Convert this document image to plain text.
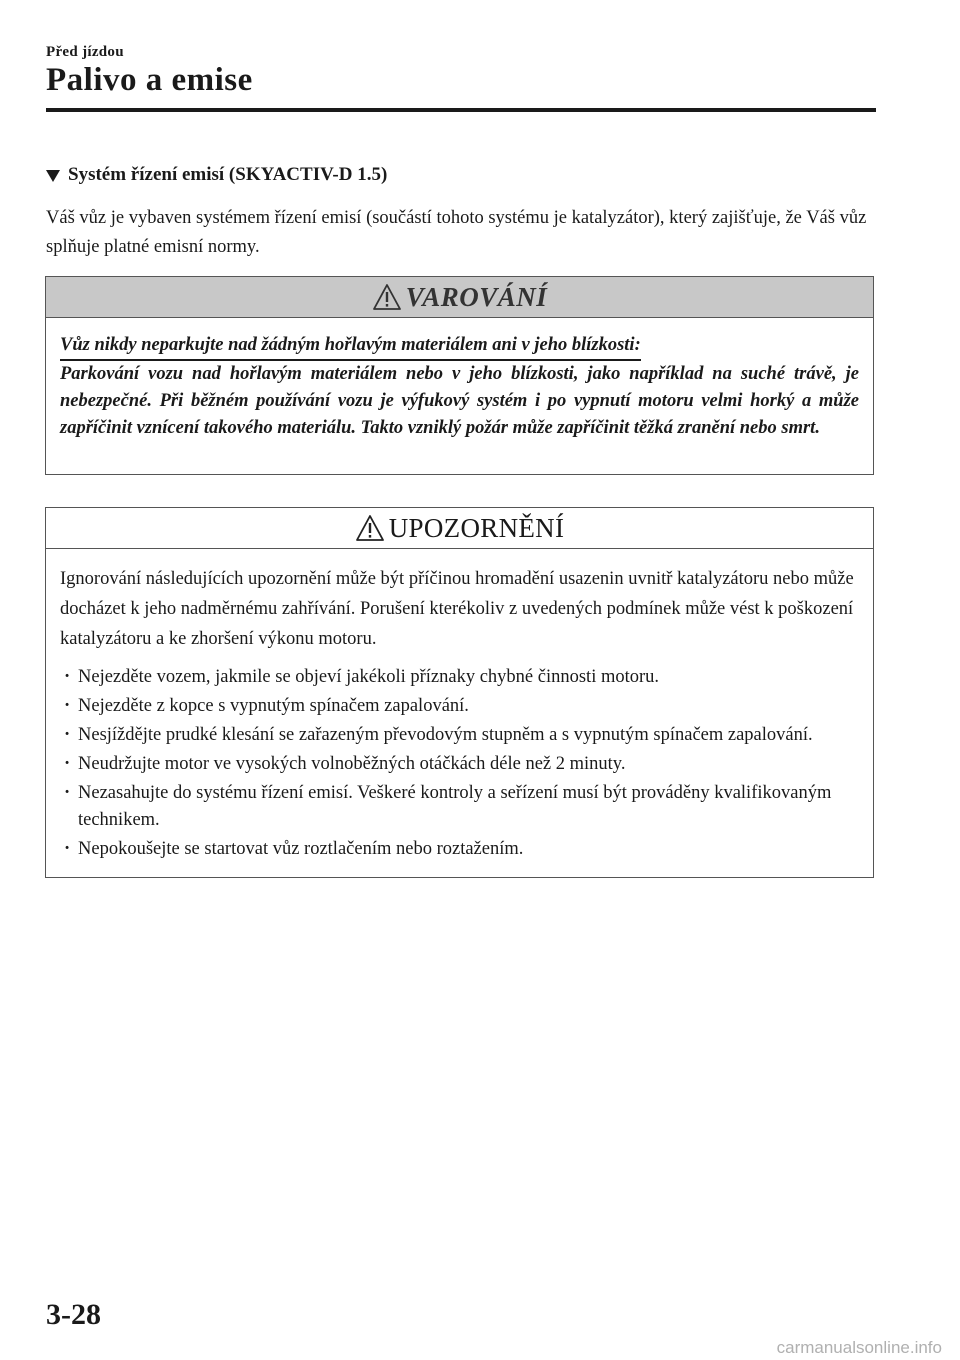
Před jízdou
Palivo a emise
Systém řízení emisí (SKYACTIV-D 1.5)
Váš vůz je vybaven systémem řízení emisí (součástí tohoto systému je katalyzátor), který zajišťuje, že Váš vůz splňuje platné emisní normy.
VAROVÁNÍ
Vůz nikdy neparkujte nad žádným hořlavým materiálem ani v jeho blízkosti:
Parkování vozu nad hořlavým materiálem nebo v jeho blízkosti, jako například na suché trávě, je nebezpečné. Při běžném používání vozu je výfukový systém i po vypnutí motoru velmi horký a může zapříčinit vznícení takového materiálu. Takto vzniklý požár může zapříčinit těžká zranění nebo smrt.
UPOZORNĚNÍ

Ignorování následujících upozornění může být příčinou hromadění usazenin uvnitř katalyzátoru nebo může docházet k jeho nadměrnému zahřívání. Porušení kterékoliv z uvedených podmínek může vést k poškození katalyzátoru a ke zhoršení výkonu motoru.

· Nejezděte vozem, jakmile se objeví jakékoli příznaky chybné činnosti motoru.
· Nejezděte z kopce s vypnutým spínačem zapalování.
· Nesjíždějte prudké klesání se zařazeným převodovým stupněm a s vypnutým spínačem zapalování.
· Neudržujte motor ve vysokých volnoběžných otáčkách déle než 2 minuty.
· Nezasahujte do systému řízení emisí. Veškeré kontroly a seřízení musí být prováděny kvalifikovaným technikem.
· Nepokoušejte se startovat vůz roztlačením nebo roztažením.
3-28
carmanualsonline.info
